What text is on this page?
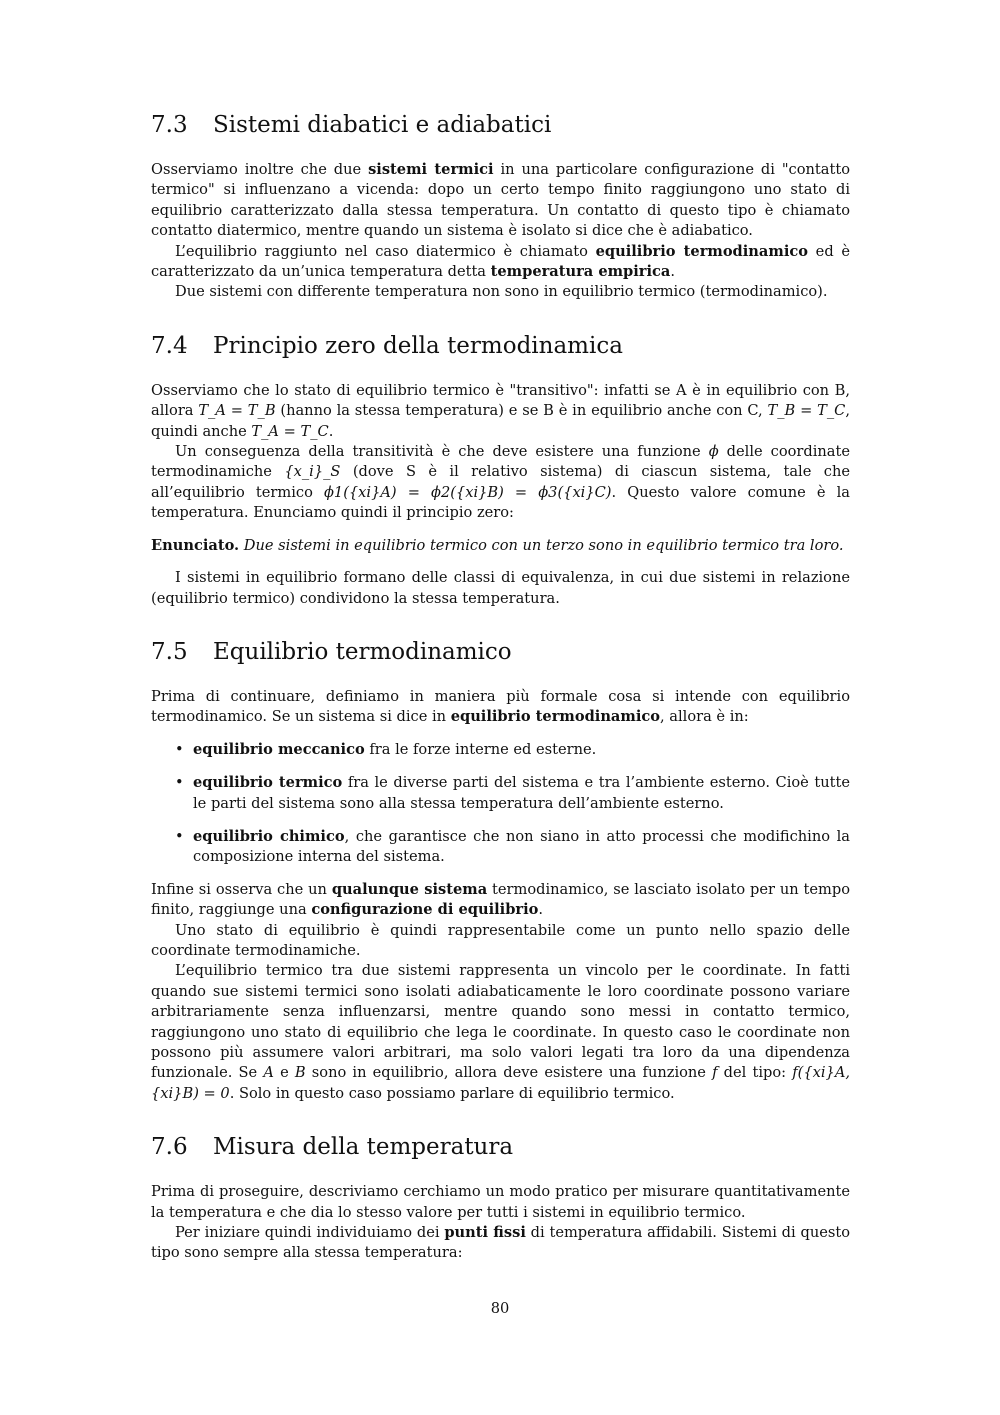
7.3	Sistemi diabatici e adiabatici

Osserviamo inoltre che due sistemi termici in una particolare configurazione di "contatto termico" si influenzano a vicenda: dopo un certo tempo finito raggiungono uno stato di equilibrio caratterizzato dalla stessa temperatura. Un contatto di questo tipo è chiamato contatto diatermico, mentre quando un sistema è isolato si dice che è adiabatico.

L’equilibrio raggiunto nel caso diatermico è chiamato equilibrio termodinamico ed è caratterizzato da un’unica temperatura detta temperatura empirica.

Due sistemi con differente temperatura non sono in equilibrio termico (termodinamico).

7.4	Principio zero della termodinamica

Osserviamo che lo stato di equilibrio termico è "transitivo": infatti se A è in equilibrio con B, allora T_A = T_B (hanno la stessa temperatura) e se B è in equilibrio anche con C, T_B = T_C, quindi anche T_A = T_C.

Un conseguenza della transitività è che deve esistere una funzione ϕ delle coordinate termodinamiche {x_i}_S (dove S è il relativo sistema) di ciascun sistema, tale che all’equilibrio termico ϕ1({xi}A) = ϕ2({xi}B) = ϕ3({xi}C). Questo valore comune è la temperatura. Enunciamo quindi il principio zero:

Enunciato. Due sistemi in equilibrio termico con un terzo sono in equilibrio termico tra loro.

I sistemi in equilibrio formano delle classi di equivalenza, in cui due sistemi in relazione (equilibrio termico) condividono la stessa temperatura.

7.5	Equilibrio termodinamico

Prima di continuare, definiamo in maniera più formale cosa si intende con equilibrio termodinamico. Se un sistema si dice in equilibrio termodinamico, allora è in:

• equilibrio meccanico fra le forze interne ed esterne.
• equilibrio termico fra le diverse parti del sistema e tra l’ambiente esterno. Cioè tutte le parti del sistema sono alla stessa temperatura dell’ambiente esterno.
• equilibrio chimico, che garantisce che non siano in atto processi che modifichino la composizione interna del sistema.

Infine si osserva che un qualunque sistema termodinamico, se lasciato isolato per un tempo finito, raggiunge una configurazione di equilibrio.

Uno stato di equilibrio è quindi rappresentabile come un punto nello spazio delle coordinate termodinamiche.

L’equilibrio termico tra due sistemi rappresenta un vincolo per le coordinate. In fatti quando sue sistemi termici sono isolati adiabaticamente le loro coordinate possono variare arbitrariamente senza influenzarsi, mentre quando sono messi in contatto termico, raggiungono uno stato di equilibrio che lega le coordinate. In questo caso le coordinate non possono più assumere valori arbitrari, ma solo valori legati tra loro da una dipendenza funzionale. Se A e B sono in equilibrio, allora deve esistere una funzione f del tipo: f({xi}A, {xi}B) = 0. Solo in questo caso possiamo parlare di equilibrio termico.

7.6	Misura della temperatura

Prima di proseguire, descriviamo cerchiamo un modo pratico per misurare quantitativamente la temperatura e che dia lo stesso valore per tutti i sistemi in equilibrio termico.

Per iniziare quindi individuiamo dei punti fissi di temperatura affidabili. Sistemi di questo tipo sono sempre alla stessa temperatura:

80
